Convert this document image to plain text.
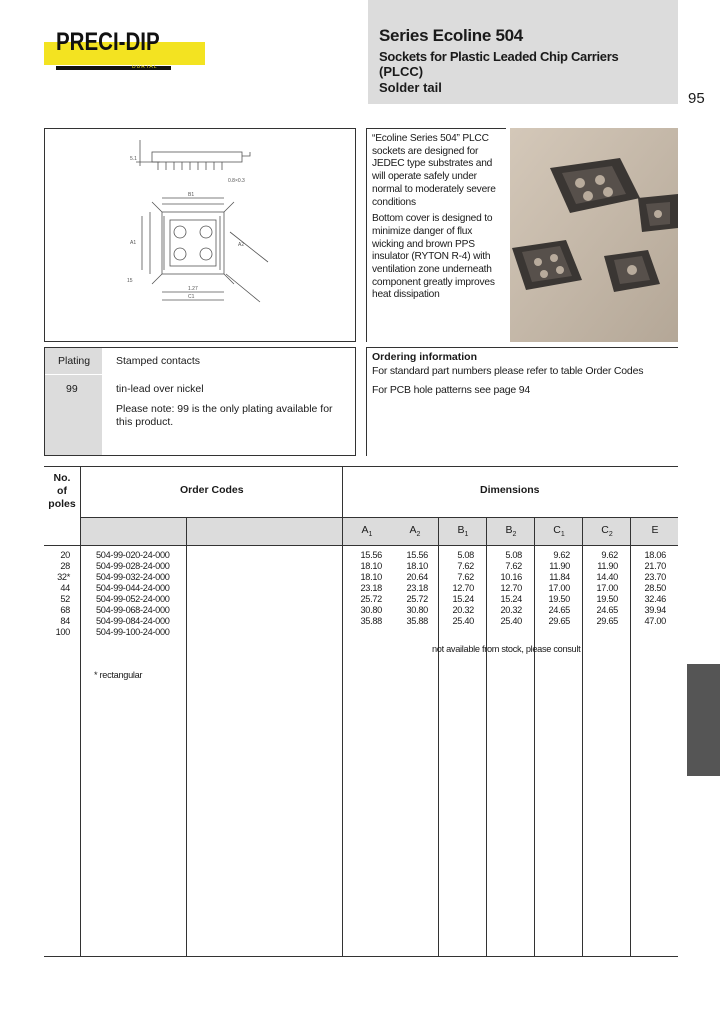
PRECI-DIP
DURTAL
Series Ecoline 504
Sockets for Plastic Leaded Chip Carriers
(PLCC)
Solder tail
95
0.8×0.3
5.1
B1
A1	A2
15
1.27
C1

“Ecoline Series 504” PLCC sockets are designed for JEDEC type substrates and will operate safely under normal to moderately severe conditions

Bottom cover is designed to minimize danger of flux wicking and brown PPS insulator (RYTON R-4) with ventilation zone underneath component greatly improves heat dissipation

Plating Stamped contacts
99	tin-lead over nickel
Please note: 99 is the only plating available for this product.
Ordering information
For standard part numbers please refer to table Order Codes
For PCB hole patterns see page 94
No.
of
poles
Order Codes	Dimensions
$A_1$	$A_2$	$B_1$	$B_2$	$C_1$	$C_2$	E
20	504-99-020-24-000	15.56	15.56	5.08	5.08	9.62	9.62	18.06
28	504-99-028-24-000	18.10	18.10	7.62	7.62	11.90	11.90	21.70
32*	504-99-032-24-000	18.10	20.64	7.62	10.16	11.84	14.40	23.70
44	504-99-044-24-000	23.18	23.18	12.70	12.70	17.00	17.00	28.50
52	504-99-052-24-000	25.72	25.72	15.24	15.24	19.50	19.50	32.46
68	504-99-068-24-000	30.80	30.80	20.32	20.32	24.65	24.65	39.94
84	504-99-084-24-000	35.88	35.88	25.40	25.40	29.65	29.65	47.00
100	504-99-100-24-000
not available from stock, please consult
* rectangular
